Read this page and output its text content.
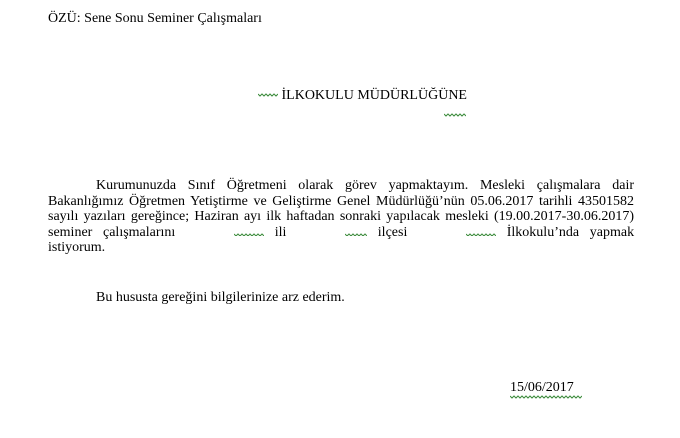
ÖZÜ: Sene Sonu Seminer Çalışmaları
İLKOKULU MÜDÜRLÜĞÜNE
Kurumunuzda Sınıf Öğretmeni olarak görev yapmaktayım. Mesleki çalışmalara dair Bakanlığımız Öğretmen Yetiştirme ve Geliştirme Genel Müdürlüğü’nün 05.06.2017 tarihli 43501582 sayılı yazıları gereğince; Haziran ayı ilk haftadan sonraki yapılacak mesleki (19.00.2017-30.06.2017) seminer çalışmalarını	ili	ilçesi	İlkokulu’nda yapmak istiyorum.
Bu hususta gereğini bilgilerinize arz ederim.
15/06/2017
